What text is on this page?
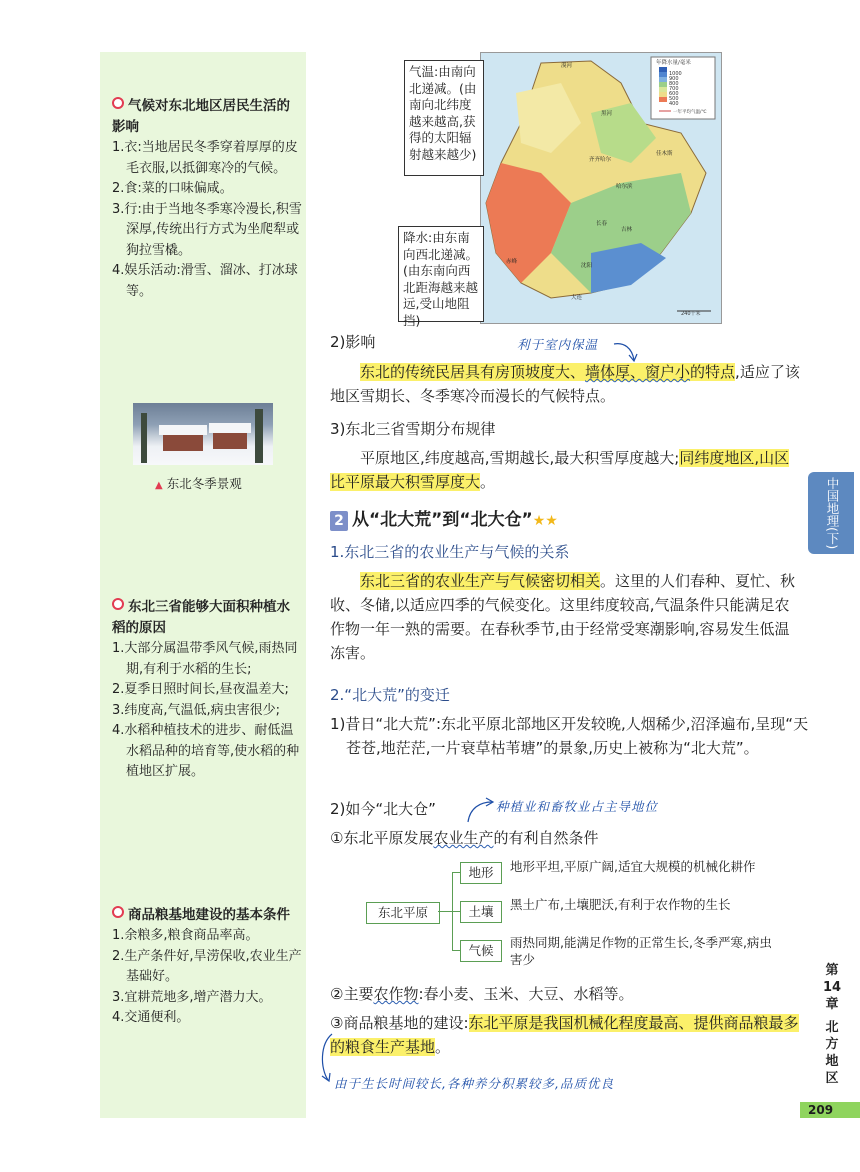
气候对东北地区居民生活的影响
1.衣:当地居民冬季穿着厚厚的皮毛衣服,以抵御寒冷的气候。
2.食:菜的口味偏咸。
3.行:由于当地冬季寒冷漫长,积雪深厚,传统出行方式为坐爬犁或狗拉雪橇。
4.娱乐活动:滑雪、溜冰、打冰球等。
▲ 东北冬季景观
东北三省能够大面积种植水稻的原因
1.大部分属温带季风气候,雨热同期,有利于水稻的生长;
2.夏季日照时间长,昼夜温差大;
3.纬度高,气温低,病虫害很少;
4.水稻种植技术的进步、耐低温水稻品种的培育等,使水稻的种植地区扩展。
商品粮基地建设的基本条件
1.余粮多,粮食商品率高。
2.生产条件好,旱涝保收,农业生产基础好。
3.宜耕荒地多,增产潜力大。
4.交通便利。
1000
900
800
700
600
500
400
年降水量/毫米
一年平均气温/℃
240千米
漠河
黑河
齐齐哈尔
哈尔滨
佳木斯
长春
吉林
沈阳
大连
赤峰
气温:由南向北递减。(由南向北纬度越来越高,获得的太阳辐射越来越少)
降水:由东南向西北递减。(由东南向西北距海越来越远,受山地阻挡)
2)影响	利于室内保温
东北的传统民居具有房顶坡度大、墙体厚、窗户小的特点,适应了该地区雪期长、冬季寒冷而漫长的气候特点。
3)东北三省雪期分布规律
平原地区,纬度越高,雪期越长,最大积雪厚度越大;同纬度地区,山区比平原最大积雪厚度大。
2 从“北大荒”到“北大仓”★★
1.东北三省的农业生产与气候的关系
东北三省的农业生产与气候密切相关。这里的人们春种、夏忙、秋收、冬储,以适应四季的气候变化。这里纬度较高,气温条件只能满足农作物一年一熟的需要。在春秋季节,由于经常受寒潮影响,容易发生低温冻害。
2.“北大荒”的变迁
1)昔日“北大荒”:东北平原北部地区开发较晚,人烟稀少,沼泽遍布,呈现“天苍苍,地茫茫,一片衰草枯苇塘”的景象,历史上被称为“北大荒”。
2)如今“北大仓”	种植业和畜牧业占主导地位
①东北平原发展农业生产的有利自然条件
东北平原
地形
土壤
气候
地形平坦,平原广阔,适宜大规模的机械化耕作
黑土广布,土壤肥沃,有利于农作物的生长
雨热同期,能满足作物的正常生长,冬季严寒,病虫害少
②主要农作物:春小麦、玉米、大豆、水稻等。
③商品粮基地的建设:东北平原是我国机械化程度最高、提供商品粮最多的粮食生产基地。
由于生长时间较长,各种养分积累较多,品质优良
中国地理(下)
第
14
章
北
方
地
区
209
